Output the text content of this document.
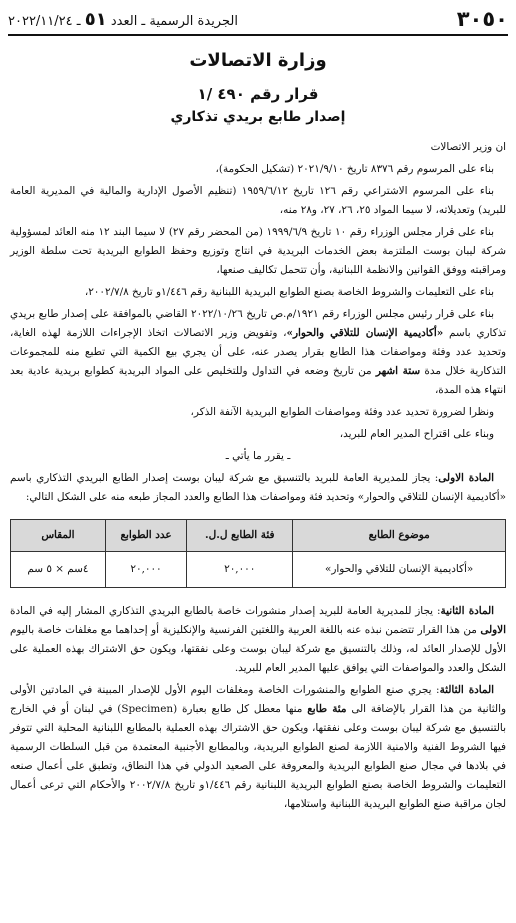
٣٠٥٠
الجريدة الرسمية ـ العدد ٥١ ـ ٢٠٢٢/١١/٢٤

وزارة الاتصالات

قرار رقم ٤٩٠ /١

إصدار طابع بريدي تذكاري

ان وزير الاتصالات

بناء على المرسوم رقم ٨٣٧٦ تاريخ ٢٠٢١/٩/١٠ (تشكيل الحكومة)،

بناء على المرسوم الاشتراعي رقم ١٢٦ تاريخ ١٩٥٩/٦/١٢ (تنظيم الأصول الإدارية والمالية في المديرية العامة للبريد) وتعديلاته، لا سيما المواد ٢٥، ٢٦، ٢٧، و٢٨ منه،

بناء على قرار مجلس الوزراء رقم ١٠ تاريخ ١٩٩٩/٦/٩ (من المحضر رقم ٢٧) لا سيما البند ١٢ منه العائد لمسؤولية شركة ليبان بوست الملتزمة بعض الخدمات البريدية في انتاج وتوزيع وحفظ الطوابع البريدية تحت سلطة الوزير ومراقبته ووفق القوانين والانظمة اللبنانية، وأن تتحمل تكاليف صنعها،

بناء على التعليمات والشروط الخاصة بصنع الطوابع البريدية اللبنانية رقم ١/٤٤٦و تاريخ ٢٠٠٢/٧/٨،

بناء على قرار رئيس مجلس الوزراء رقم ١٩٢١/م.ص تاريخ ٢٠٢٢/١٠/٢٦ القاضي بالموافقة على إصدار طابع بريدي تذكاري باسم «أكاديمية الإنسان للتلاقي والحوار»، وتفويض وزير الاتصالات اتخاذ الإجراءات اللازمة لهذه الغاية، وتحديد عدد وفئة ومواصفات هذا الطابع بقرار يصدر عنه، على أن يجري بيع الكمية التي تطبع منه للمجموعات التذكارية خلال مدة ستة اشهر من تاريخ وضعه في التداول وللتخليص على المواد البريدية كطوابع بريدية عادية بعد انتهاء هذه المدة،

ونظرا لضرورة تحديد عدد وفئة ومواصفات الطوابع البريدية الآنفة الذكر،

وبناء على اقتراح المدير العام للبريد،

ـ يقرر ما يأتي ـ

المادة الاولى: يجاز للمديرية العامة للبريد بالتنسيق مع شركة ليبان بوست إصدار الطابع البريدي التذكاري باسم «أكاديمية الإنسان للتلاقي والحوار» وتحديد فئة ومواصفات هذا الطابع والعدد المجاز طبعه منه على الشكل التالي:

موضوع الطابع	فئة الطابع ل.ل.	عدد الطوابع	المقاس
«أكاديمية الإنسان للتلاقي والحوار»	٢٠,٠٠٠	٢٠,٠٠٠	٤سم × ٥ سم

المادة الثانية: يجاز للمديرية العامة للبريد إصدار منشورات خاصة بالطابع البريدي التذكاري المشار إليه في المادة الاولى من هذا القرار تتضمن نبذه عنه باللغة العربية واللغتين الفرنسية والإنكليزية أو إحداهما مع مغلفات خاصة باليوم الأول للإصدار العائد له، وذلك بالتنسيق مع شركة ليبان بوست وعلى نفقتها، ويكون حق الاشتراك بهذه العملية على الشكل والعدد والمواصفات التي يوافق عليها المدير العام للبريد.

المادة الثالثة: يجري صنع الطوابع والمنشورات الخاصة ومغلفات اليوم الأول للإصدار المبينة في المادتين الأولى والثانية من هذا القرار بالإضافة الى مئة طابع منها معطل كل طابع بعبارة (Specimen) في لبنان أو في الخارج بالتنسيق مع شركة ليبان بوست وعلى نفقتها، ويكون حق الاشتراك بهذه العملية بالمطابع اللبنانية المحلية التي تتوفر فيها الشروط الفنية والامنية اللازمة لصنع الطوابع البريدية، وبالمطابع الأجنبية المعتمدة من قبل السلطات الرسمية في بلادها في مجال صنع الطوابع البريدية والمعروفة على الصعيد الدولي في هذا النطاق، وتطبق على أعمال صنعه التعليمات والشروط الخاصة بصنع الطوابع البريدية اللبنانية رقم ١/٤٤٦و تاريخ ٢٠٠٢/٧/٨ والأحكام التي ترعى أعمال لجان مراقبة صنع الطوابع البريدية اللبنانية واستلامها،
